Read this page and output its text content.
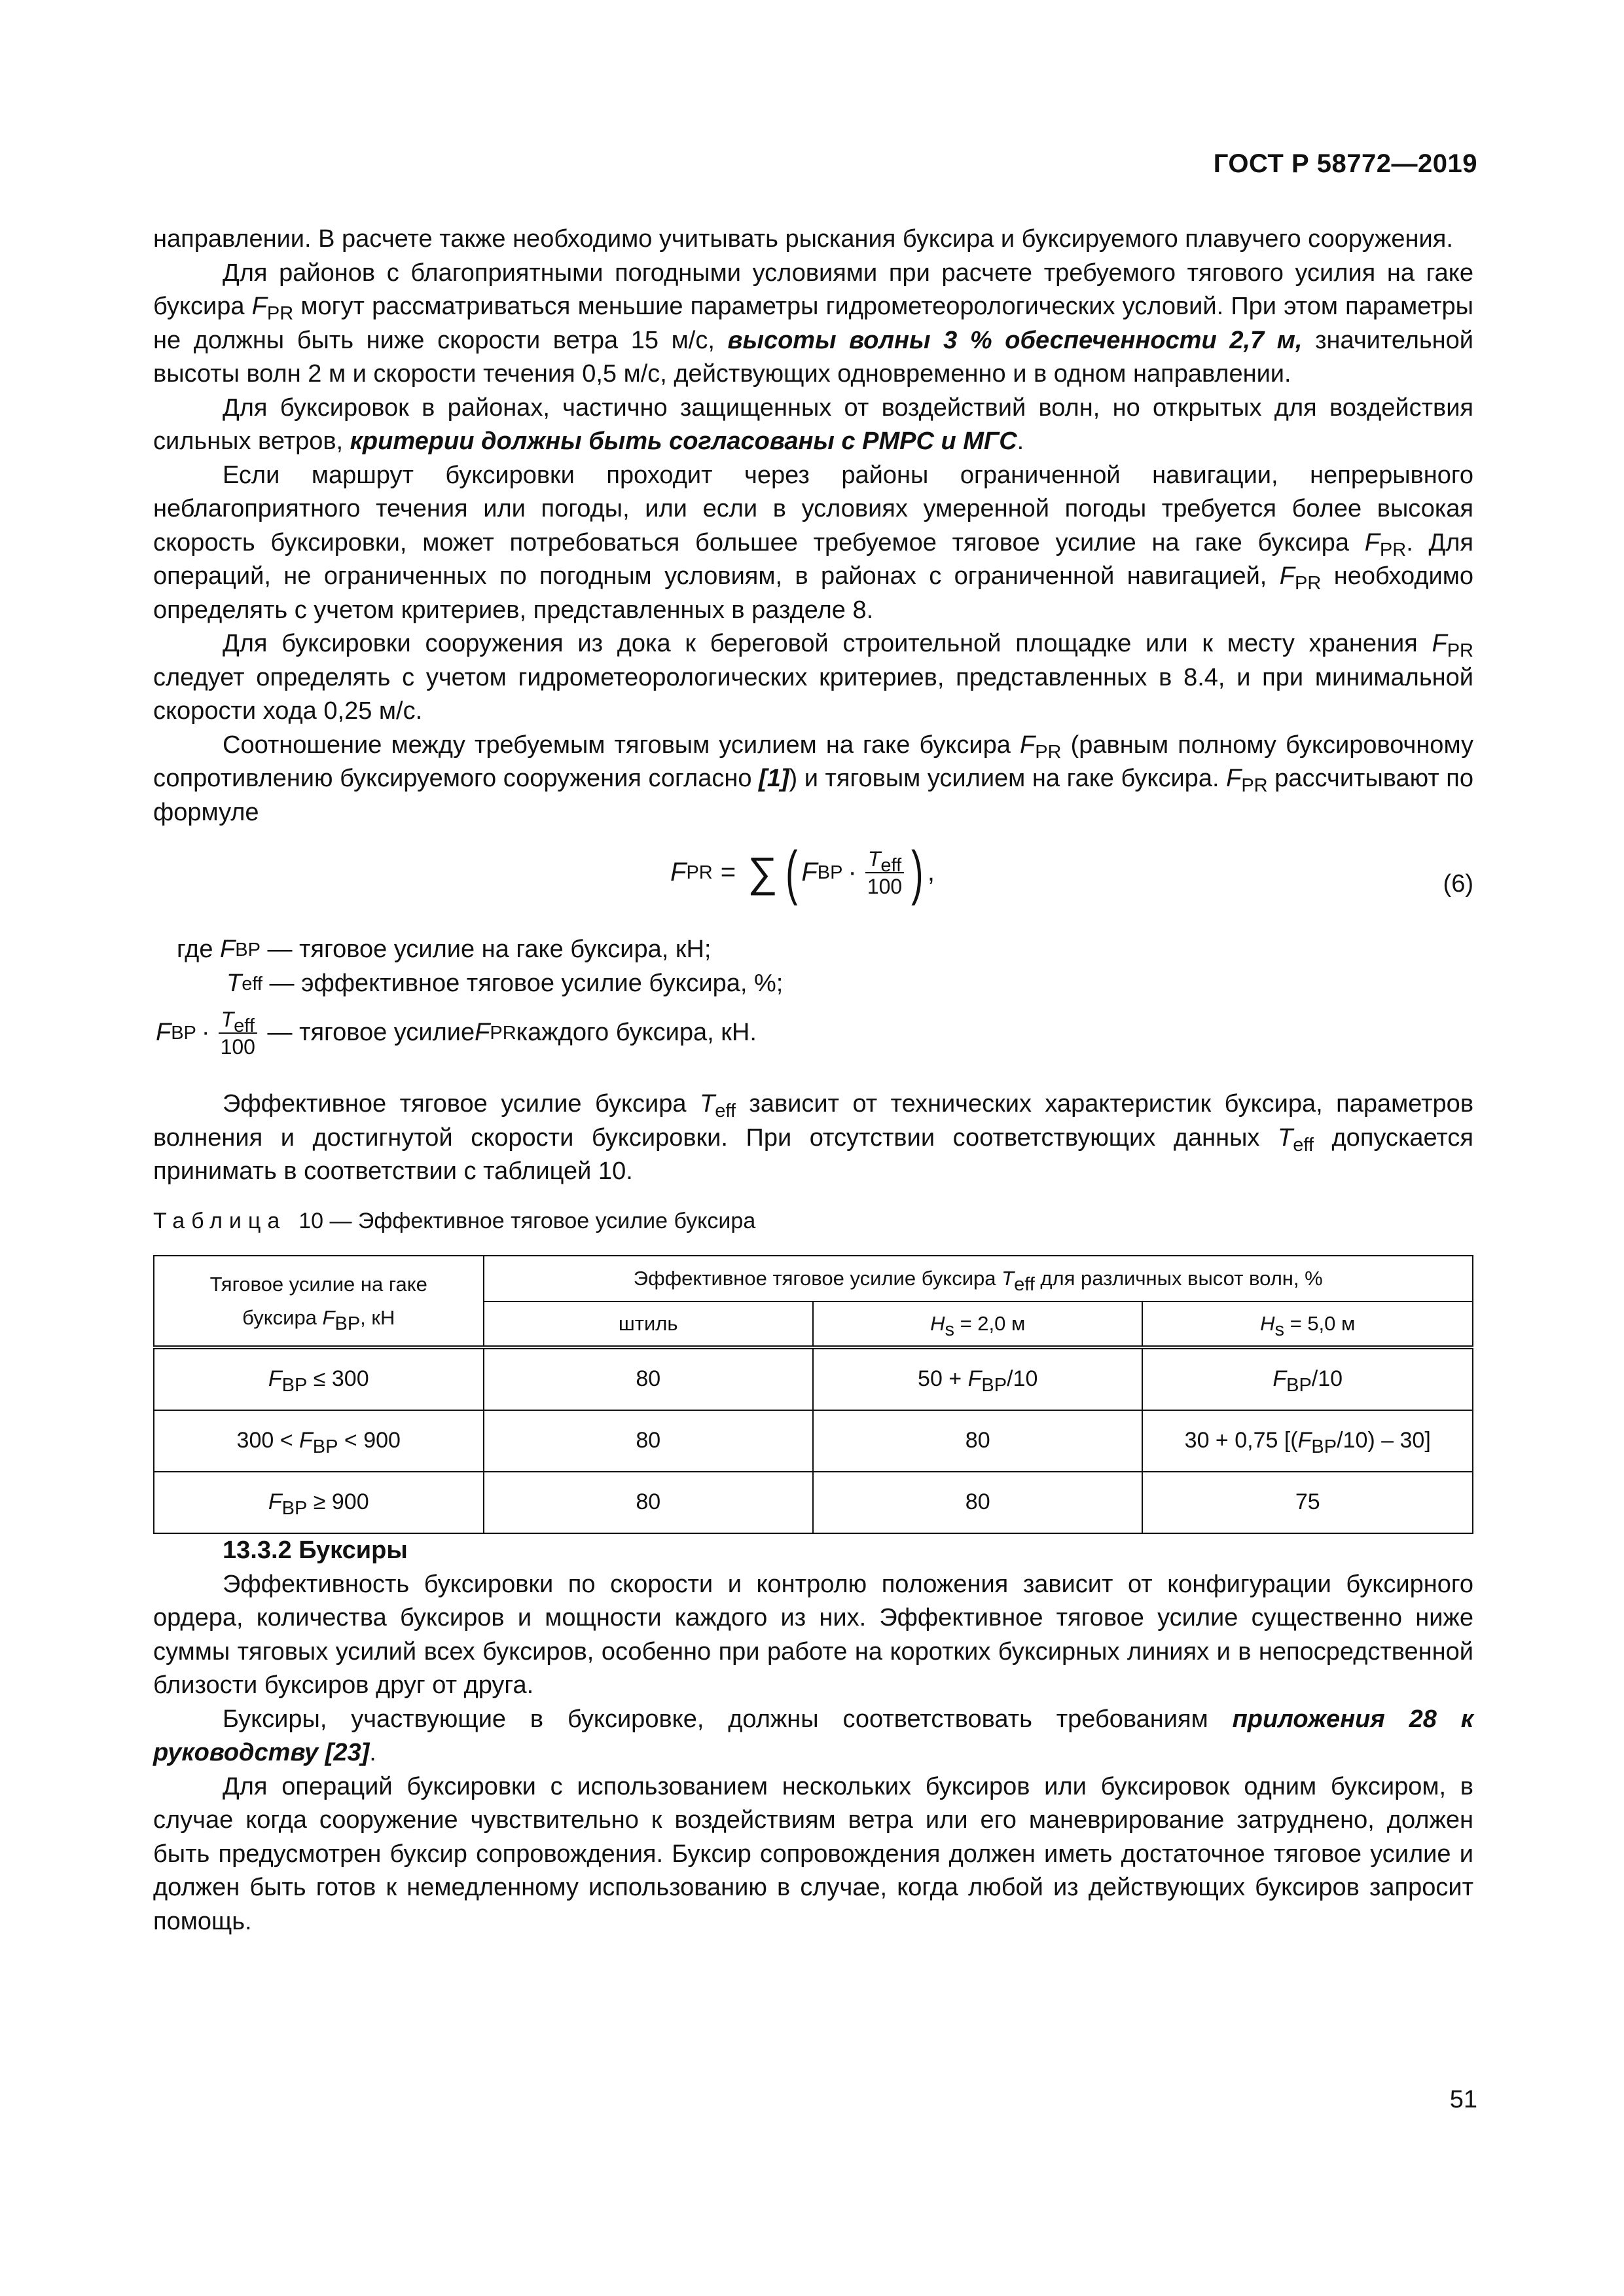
ГОСТ Р 58772—2019

направлении. В расчете также необходимо учитывать рыскания буксира и буксируемого плавучего сооружения.

Для районов с благоприятными погодными условиями при расчете требуемого тягового усилия на гаке буксира $F_{PR}$ могут рассматриваться меньшие параметры гидрометеорологических условий. При этом параметры не должны быть ниже скорости ветра 15 м/с, высоты волны 3 % обеспеченности 2,7 м, значительной высоты волн 2 м и скорости течения 0,5 м/с, действующих одновременно и в одном направлении.

Для буксировок в районах, частично защищенных от воздействий волн, но открытых для воздействия сильных ветров, критерии должны быть согласованы с РМРС и МГС.

Если маршрут буксировки проходит через районы ограниченной навигации, непрерывного неблагоприятного течения или погоды, или если в условиях умеренной погоды требуется более высокая скорость буксировки, может потребоваться большее требуемое тяговое усилие на гаке буксира $F_{PR}$. Для операций, не ограниченных по погодным условиям, в районах с ограниченной навигацией, $F_{PR}$ необходимо определять с учетом критериев, представленных в разделе 8.

Для буксировки сооружения из дока к береговой строительной площадке или к месту хранения $F_{PR}$ следует определять с учетом гидрометеорологических критериев, представленных в 8.4, и при минимальной скорости хода 0,25 м/с.

Соотношение между требуемым тяговым усилием на гаке буксира $F_{PR}$ (равным полному буксировочному сопротивлению буксируемого сооружения согласно [1]) и тяговым усилием на гаке буксира. $F_{PR}$ рассчитывают по формуле

F PR = ∑ ( F BP · $\frac{T_{eff}}{100}$ ) ,	(6)
где
F BP
—
тяговое усилие на гаке буксира, кН;
T eff
—
эффективное тяговое усилие буксира, %;
F BP · $\frac{T_{eff}}{100}$
—
тяговое усилие F PR каждого буксира, кН.

Эффективное тяговое усилие буксира $T_{eff}$ зависит от технических характеристик буксира, параметров волнения и достигнутой скорости буксировки. При отсутствии соответствующих данных $T_{eff}$ допускается принимать в соответствии с таблицей 10.

Таблица 10 — Эффективное тяговое усилие буксира
Тяговое усилие на гаке
буксира $F_{BP}$, кН	Эффективное тяговое усилие буксира $T_{eff}$ для различных высот волн, %		
	штиль	$H_s = 2,0$ м	$H_s = 5,0$ м
$F_{BP} \le 300$	80	$50 + F_{BP}/10$	$F_{BP}/10$
$300 < F_{BP} < 900$	80	80	30 + 0,75 $[(F_{BP}/10) - 30]$
$F_{BP} \ge 900$	80	80	75

13.3.2 Буксиры

Эффективность буксировки по скорости и контролю положения зависит от конфигурации буксирного ордера, количества буксиров и мощности каждого из них. Эффективное тяговое усилие существенно ниже суммы тяговых усилий всех буксиров, особенно при работе на коротких буксирных линиях и в непосредственной близости буксиров друг от друга.

Буксиры, участвующие в буксировке, должны соответствовать требованиям приложения 28 к руководству [23].

Для операций буксировки с использованием нескольких буксиров или буксировок одним буксиром, в случае когда сооружение чувствительно к воздействиям ветра или его маневрирование затруднено, должен быть предусмотрен буксир сопровождения. Буксир сопровождения должен иметь достаточное тяговое усилие и должен быть готов к немедленному использованию в случае, когда любой из действующих буксиров запросит помощь.

51
